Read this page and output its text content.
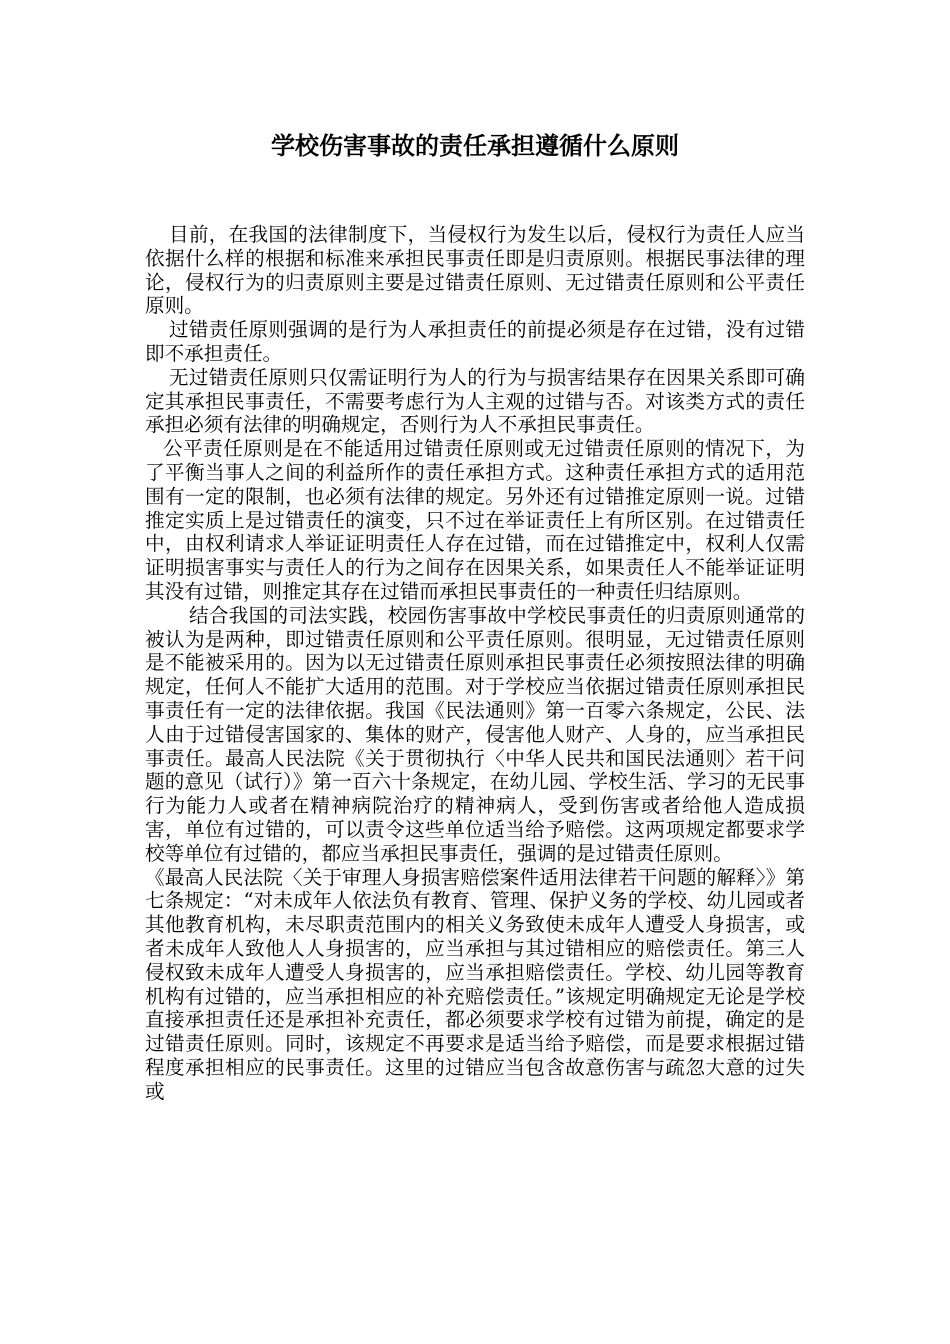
学校伤害事故的责任承担遵循什么原则

目前，在我国的法律制度下，当侵权行为发生以后，侵权行为责任人应当依据什么样的根据和标准来承担民事责任即是归责原则。根据民事法律的理论，侵权行为的归责原则主要是过错责任原则、无过错责任原则和公平责任原则。

过错责任原则强调的是行为人承担责任的前提必须是存在过错，没有过错即不承担责任。

无过错责任原则只仅需证明行为人的行为与损害结果存在因果关系即可确定其承担民事责任，不需要考虑行为人主观的过错与否。对该类方式的责任承担必须有法律的明确规定，否则行为人不承担民事责任。

公平责任原则是在不能适用过错责任原则或无过错责任原则的情况下，为了平衡当事人之间的利益所作的责任承担方式。这种责任承担方式的适用范围有一定的限制，也必须有法律的规定。另外还有过错推定原则一说。过错推定实质上是过错责任的演变，只不过在举证责任上有所区别。在过错责任中，由权利请求人举证证明责任人存在过错，而在过错推定中，权利人仅需证明损害事实与责任人的行为之间存在因果关系，如果责任人不能举证证明其没有过错，则推定其存在过错而承担民事责任的一种责任归结原则。

结合我国的司法实践，校园伤害事故中学校民事责任的归责原则通常的被认为是两种，即过错责任原则和公平责任原则。很明显，无过错责任原则是不能被采用的。因为以无过错责任原则承担民事责任必须按照法律的明确规定，任何人不能扩大适用的范围。对于学校应当依据过错责任原则承担民事责任有一定的法律依据。我国《民法通则》第一百零六条规定，公民、法人由于过错侵害国家的、集体的财产，侵害他人财产、人身的，应当承担民事责任。最高人民法院《关于贯彻执行〈中华人民共和国民法通则〉若干问题的意见（试行）》第一百六十条规定，在幼儿园、学校生活、学习的无民事行为能力人或者在精神病院治疗的精神病人，受到伤害或者给他人造成损害，单位有过错的，可以责令这些单位适当给予赔偿。这两项规定都要求学校等单位有过错的，都应当承担民事责任，强调的是过错责任原则。

《最高人民法院〈关于审理人身损害赔偿案件适用法律若干问题的解释〉》第七条规定：“对未成年人依法负有教育、管理、保护义务的学校、幼儿园或者其他教育机构，未尽职责范围内的相关义务致使未成年人遭受人身损害，或者未成年人致他人人身损害的，应当承担与其过错相应的赔偿责任。第三人侵权致未成年人遭受人身损害的，应当承担赔偿责任。学校、幼儿园等教育机构有过错的，应当承担相应的补充赔偿责任。”该规定明确规定无论是学校直接承担责任还是承担补充责任，都必须要求学校有过错为前提，确定的是过错责任原则。同时，该规定不再要求是适当给予赔偿，而是要求根据过错程度承担相应的民事责任。这里的过错应当包含故意伤害与疏忽大意的过失或
